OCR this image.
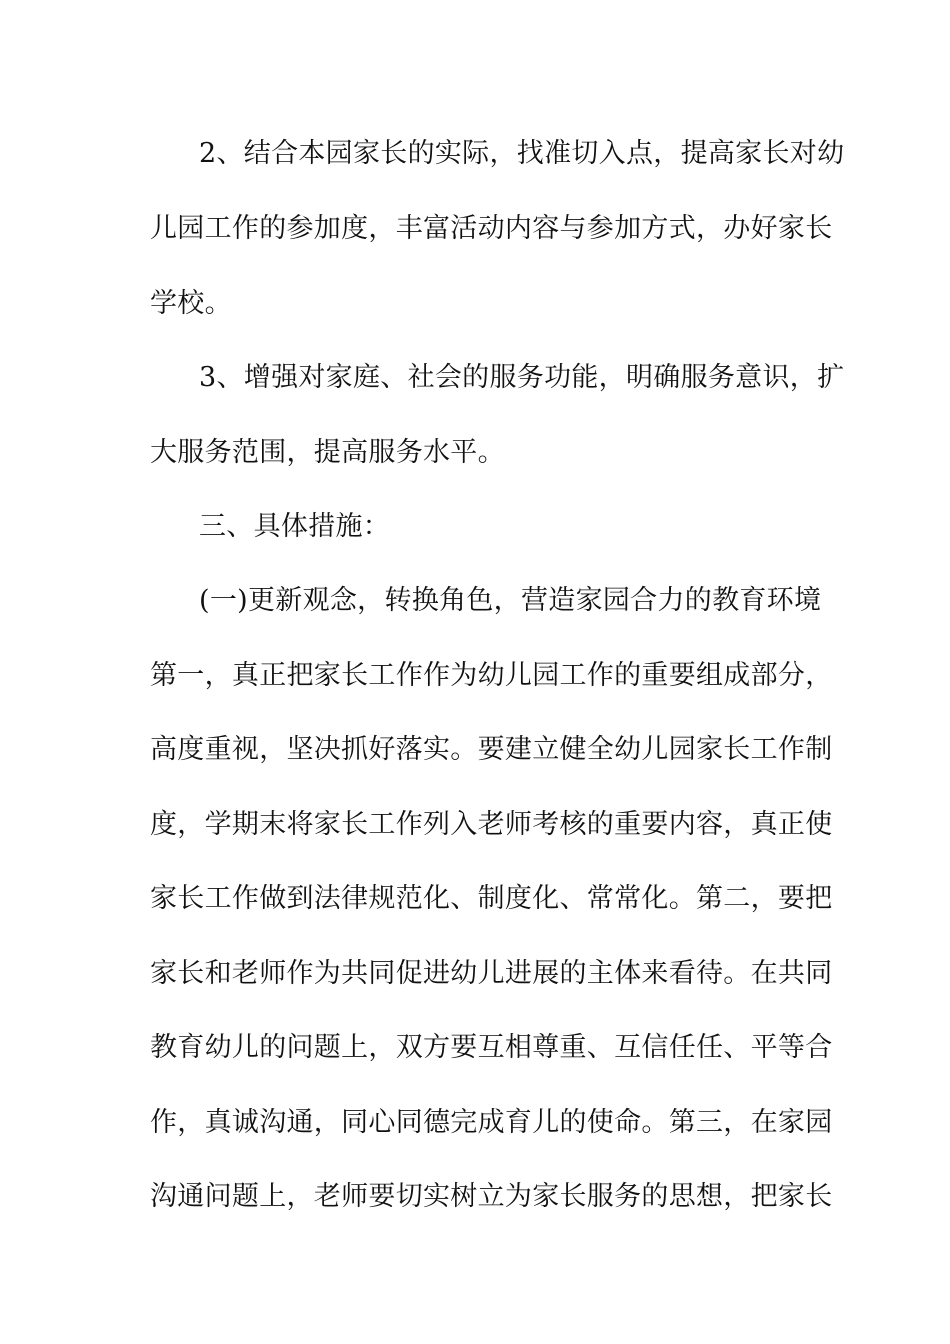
2、结合本园家长的实际，找准切入点，提高家长对幼
儿园工作的参加度，丰富活动内容与参加方式，办好家长
学校。
3、增强对家庭、社会的服务功能，明确服务意识，扩
大服务范围，提高服务水平。
三、具体措施：
(一)更新观念，转换角色，营造家园合力的教育环境
第一，真正把家长工作作为幼儿园工作的重要组成部分，
高度重视，坚决抓好落实。要建立健全幼儿园家长工作制
度，学期末将家长工作列入老师考核的重要内容，真正使
家长工作做到法律规范化、制度化、常常化。第二，要把
家长和老师作为共同促进幼儿进展的主体来看待。在共同
教育幼儿的问题上，双方要互相尊重、互信任任、平等合
作，真诚沟通，同心同德完成育儿的使命。第三，在家园
沟通问题上，老师要切实树立为家长服务的思想，把家长
